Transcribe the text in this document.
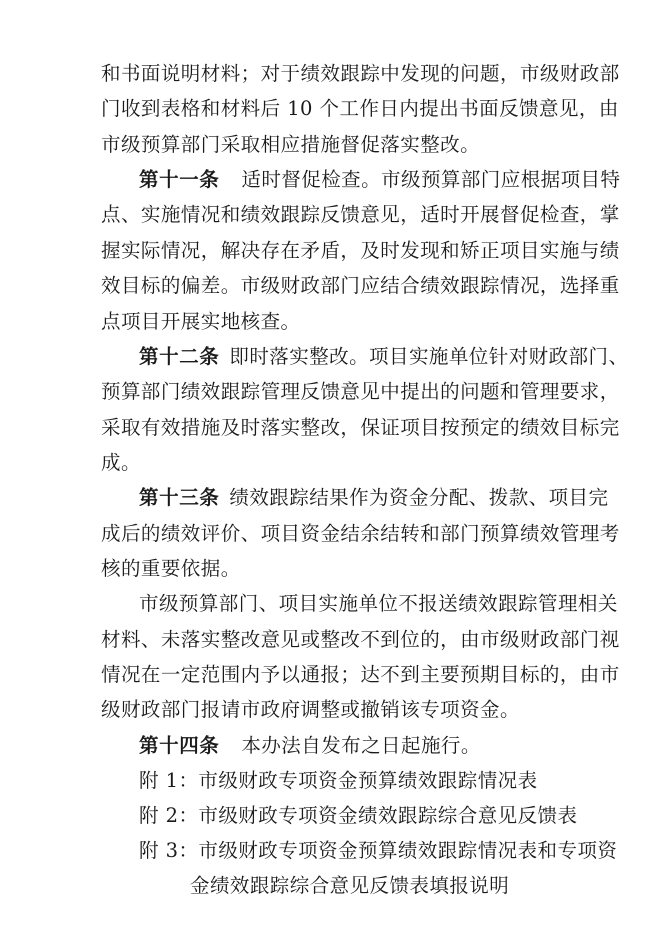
和书面说明材料；对于绩效跟踪中发现的问题，市级财政部
门收到表格和材料后 10 个工作日内提出书面反馈意见，由
市级预算部门采取相应措施督促落实整改。
第十一条 适时督促检查。市级预算部门应根据项目特
点、实施情况和绩效跟踪反馈意见，适时开展督促检查，掌
握实际情况，解决存在矛盾，及时发现和矫正项目实施与绩
效目标的偏差。市级财政部门应结合绩效跟踪情况，选择重
点项目开展实地核查。
第十二条 即时落实整改。项目实施单位针对财政部门、
预算部门绩效跟踪管理反馈意见中提出的问题和管理要求，
采取有效措施及时落实整改，保证项目按预定的绩效目标完
成。
第十三条 绩效跟踪结果作为资金分配、拨款、项目完
成后的绩效评价、项目资金结余结转和部门预算绩效管理考
核的重要依据。
市级预算部门、项目实施单位不报送绩效跟踪管理相关
材料、未落实整改意见或整改不到位的，由市级财政部门视
情况在一定范围内予以通报；达不到主要预期目标的，由市
级财政部门报请市政府调整或撤销该专项资金。
第十四条 本办法自发布之日起施行。
附 1：市级财政专项资金预算绩效跟踪情况表
附 2：市级财政专项资金绩效跟踪综合意见反馈表
附 3：市级财政专项资金预算绩效跟踪情况表和专项资
金绩效跟踪综合意见反馈表填报说明
